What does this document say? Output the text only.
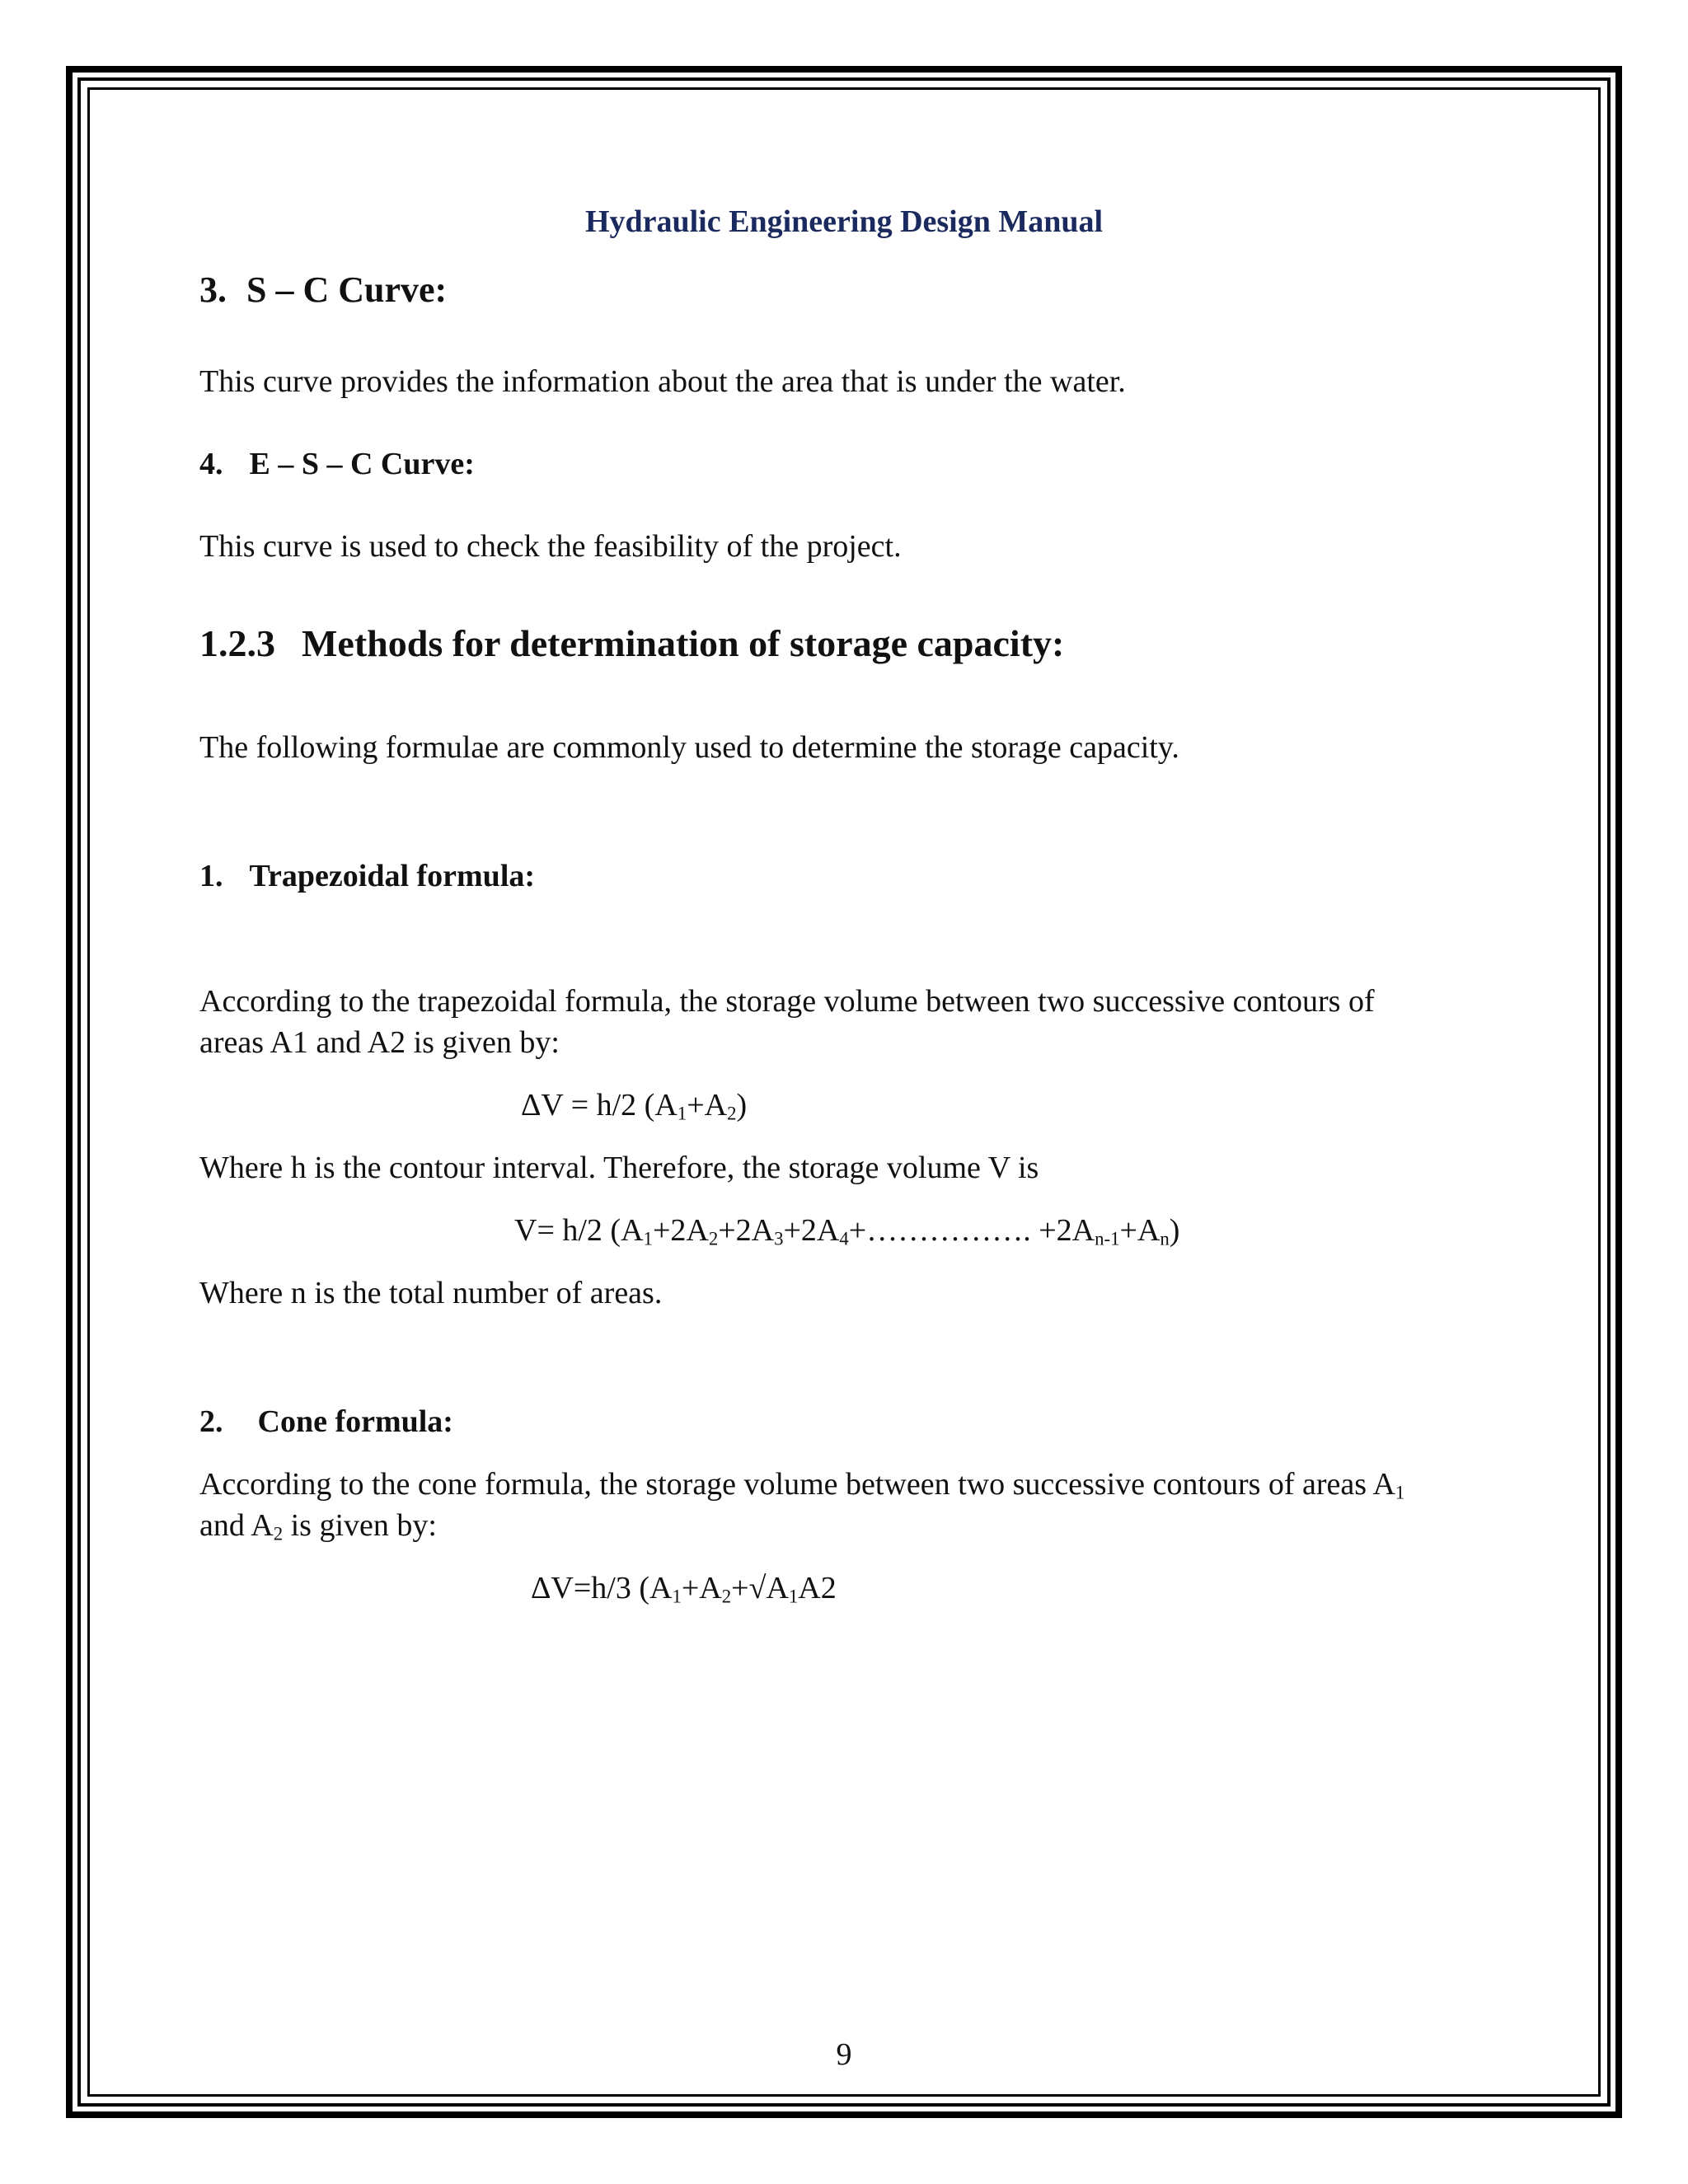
Hydraulic Engineering Design Manual

3. S – C Curve:

This curve provides the information about the area that is under the water.

4. E – S – C Curve:

This curve is used to check the feasibility of the project.

1.2.3 Methods for determination of storage capacity:

The following formulae are commonly used to determine the storage capacity.

1. Trapezoidal formula:

According to the trapezoidal formula, the storage volume between two successive contours of

areas A1 and A2 is given by:

ΔV = h/2 $(A_1+A_2)$

Where h is the contour interval. Therefore, the storage volume V is

V= h/2 ($A_1+2A_2+2A_3+2A_4+\dots\dots\dots\dots\dots$. $+2A_{n-1}+A_n$)

Where n is the total number of areas.

2. Cone formula:

According to the cone formula, the storage volume between two successive contours of areas $A_1$

and $A_2$ is given by:

ΔV=h/3 ($A_1+A_2+√A_1A2$

9
